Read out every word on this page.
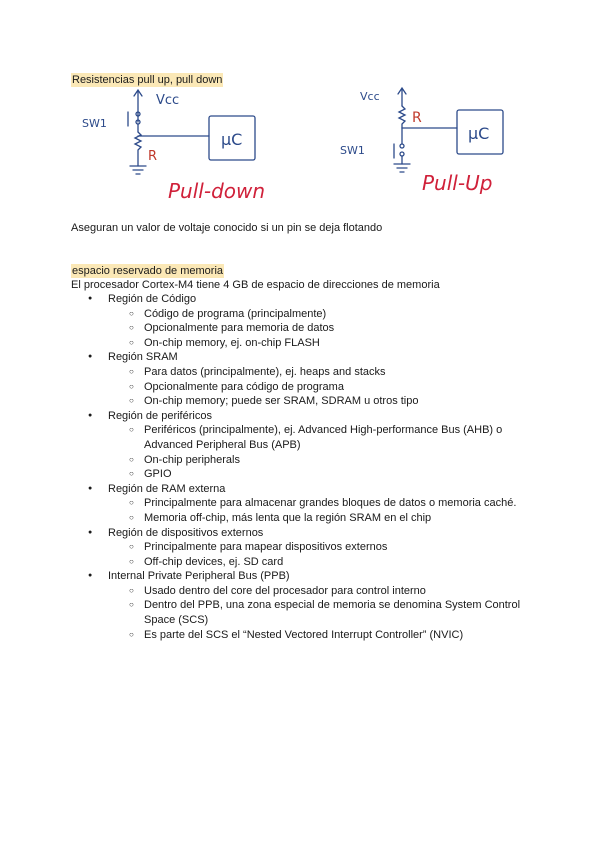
Resistencias pull up, pull down
Vcc
SW1
R
μC
Pull-down
Vcc
SW1
R
μC
Pull-Up
Aseguran un valor de voltaje conocido si un pin se deja flotando
espacio reservado de memoria
El procesador Cortex-M4 tiene 4 GB de espacio de direcciones de memoria
● Región de Código
○ Código de programa (principalmente)
○ Opcionalmente para memoria de datos
○ On-chip memory, ej. on-chip FLASH
● Región SRAM
○ Para datos (principalmente), ej. heaps and stacks
○ Opcionalmente para código de programa
○ On-chip memory; puede ser SRAM, SDRAM u otros tipo
● Región de periféricos
○ Periféricos (principalmente), ej. Advanced High-performance Bus (AHB) o Advanced Peripheral Bus (APB)
○ On-chip peripherals
○ GPIO
● Región de RAM externa
○ Principalmente para almacenar grandes bloques de datos o memoria caché.
○ Memoria off-chip, más lenta que la región SRAM en el chip
● Región de dispositivos externos
○ Principalmente para mapear dispositivos externos
○ Off-chip devices, ej. SD card
● Internal Private Peripheral Bus (PPB)
○ Usado dentro del core del procesador para control interno
○ Dentro del PPB, una zona especial de memoria se denomina System Control Space (SCS)
○ Es parte del SCS el “Nested Vectored Interrupt Controller” (NVIC)
